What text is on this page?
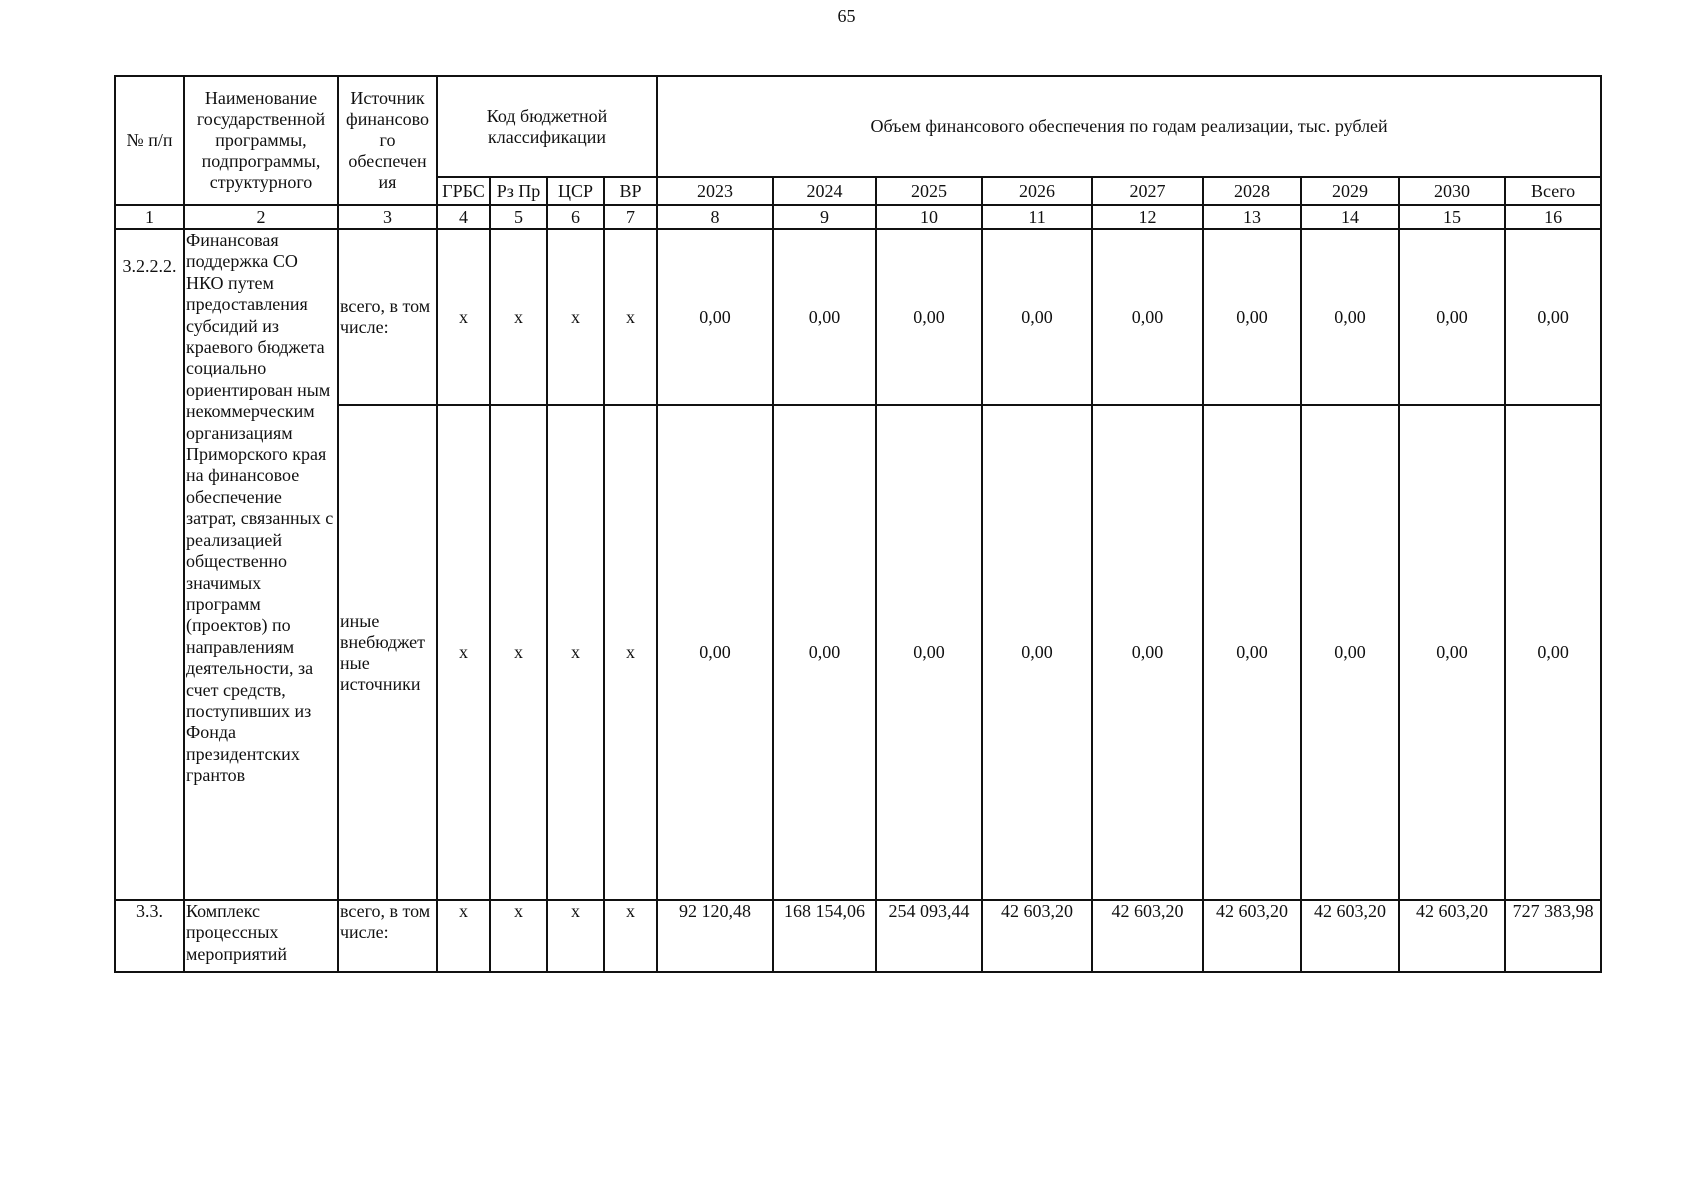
65
№ п/п	Наименование государственной программы, подпрограммы, структурного	Источник финансово го обеспечен ия	Код бюджетной классификации				Объем финансового обеспечения по годам реализации, тыс. рублей								

			ГРБС	Рз Пр	ЦСР	ВР	2023	2024	2025	2026	2027	2028	2029	2030	Всего
1	2	3	4	5	6	7	8	9	10	11	12	13	14	15	16
3.2.2.2.	Финансовая поддержка СО НКО путем предоставления субсидий из краевого бюджета социально ориентирован ным некоммерческим организациям Приморского края на финансовое обеспечение затрат, связанных с реализацией общественно значимых программ (проектов) по направлениям деятельности, за счет средств, поступивших из Фонда президентских грантов	всего, в том числе:	x	x	x	x	0,00	0,00	0,00	0,00	0,00	0,00	0,00	0,00	0,00
		иные внебюджет ные источники	x	x	x	x	0,00	0,00	0,00	0,00	0,00	0,00	0,00	0,00	0,00
3.3.	Комплекс процессных мероприятий	всего, в том числе:	x	x	x	x	92 120,48	168 154,06	254 093,44	42 603,20	42 603,20	42 603,20	42 603,20	42 603,20	727 383,98
